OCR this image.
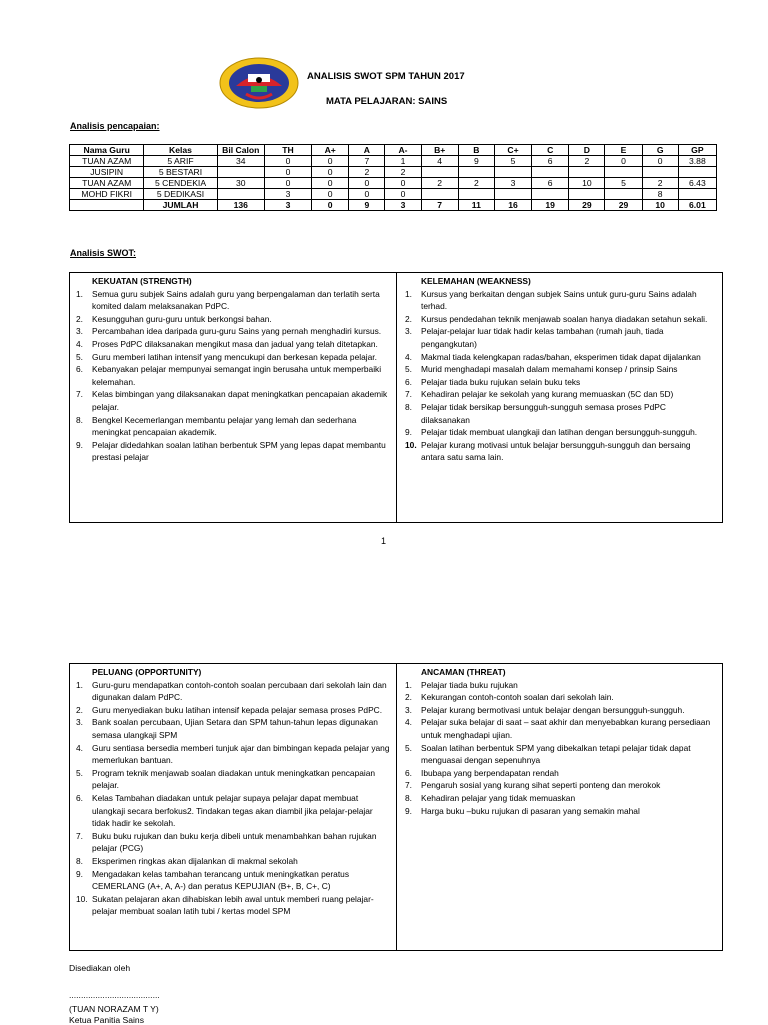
ANALISIS SWOT SPM TAHUN 2017
MATA PELAJARAN: SAINS
Analisis pencapaian:
Nama Guru	Kelas	Bil Calon	TH	A+	A	A-	B+	B	C+	C	D	E	G	GP
TUAN AZAM	5 ARIF	34	0	0	7	1	4	9	5	6	2	0	0	3.88
JUSIPIN	5 BESTARI		0	0	2	2								
TUAN AZAM	5 CENDEKIA	30	0	0	0	0	2	2	3	6	10	5	2	6.43
MOHD FIKRI	5 DEDIKASI		3	0	0	0							8	
	JUMLAH	136	3	0	9	3	7	11	16	19	29	29	10	6.01
Analisis SWOT:
KEKUATAN (STRENGTH)
1.	Semua guru subjek Sains adalah guru yang berpengalaman dan terlatih serta komited dalam melaksanakan PdPC.
2.	Kesungguhan guru-guru untuk berkongsi bahan.
3.	Percambahan idea daripada guru-guru Sains yang pernah menghadiri kursus.
4.	Proses PdPC dilaksanakan mengikut masa dan jadual yang telah ditetapkan.
5.	Guru memberi latihan intensif yang mencukupi dan berkesan kepada pelajar.
6.	Kebanyakan pelajar mempunyai semangat ingin berusaha untuk memperbaiki kelemahan.
7.	Kelas bimbingan yang dilaksanakan dapat meningkatkan pencapaian akademik pelajar.
8.	Bengkel Kecemerlangan membantu pelajar yang lemah dan sederhana meningkat pencapaian akademik.
9.	Pelajar didedahkan soalan latihan berbentuk SPM yang lepas dapat membantu prestasi pelajar
KELEMAHAN (WEAKNESS)
1.	Kursus yang berkaitan dengan subjek Sains untuk guru-guru Sains adalah terhad.
2.	Kursus pendedahan teknik menjawab soalan hanya diadakan setahun sekali.
3.	Pelajar-pelajar luar tidak hadir kelas tambahan (rumah jauh, tiada pengangkutan)
4.	Makmal tiada kelengkapan radas/bahan, eksperimen tidak dapat dijalankan
5.	Murid menghadapi masalah dalam memahami konsep / prinsip Sains
6.	Pelajar tiada buku rujukan selain buku teks
7.	Kehadiran pelajar ke sekolah yang kurang memuaskan (5C dan 5D)
8.	Pelajar tidak bersikap bersungguh-sungguh semasa proses PdPC dilaksanakan
9.	Pelajar tidak membuat ulangkaji dan latihan dengan bersungguh-sungguh.
10. Pelajar kurang motivasi untuk belajar bersungguh-sungguh dan bersaing antara satu sama lain.
1
PELUANG (OPPORTUNITY)
1.	Guru-guru mendapatkan contoh-contoh soalan percubaan dari sekolah lain dan digunakan dalam PdPC.
2.	Guru menyediakan buku latihan intensif kepada pelajar semasa proses PdPC.
3.	Bank soalan percubaan, Ujian Setara dan SPM tahun-tahun lepas digunakan semasa ulangkaji SPM
4.	Guru sentiasa bersedia memberi tunjuk ajar dan bimbingan kepada pelajar yang memerlukan bantuan.
5.	Program teknik menjawab soalan diadakan untuk meningkatkan pencapaian pelajar.
6.	Kelas Tambahan diadakan untuk pelajar supaya pelajar dapat membuat ulangkaji secara berfokus2. Tindakan tegas akan diambil jika pelajar-pelajar tidak hadir ke sekolah.
7.	Buku buku rujukan dan buku kerja dibeli untuk menambahkan bahan rujukan pelajar (PCG)
8.	Eksperimen ringkas akan dijalankan di makmal sekolah
9.	Mengadakan kelas tambahan terancang untuk meningkatkan peratus CEMERLANG (A+, A, A-) dan peratus KEPUJIAN (B+, B, C+, C)
10. Sukatan pelajaran akan dihabiskan lebih awal untuk memberi ruang pelajar-pelajar membuat soalan latih tubi / kertas model SPM
ANCAMAN (THREAT)
1.	Pelajar tiada buku rujukan
2.	Kekurangan contoh-contoh soalan dari sekolah lain.
3.	Pelajar kurang bermotivasi untuk belajar dengan bersungguh-sungguh.
4.	Pelajar suka belajar di saat – saat akhir dan menyebabkan kurang persediaan untuk menghadapi ujian.
5.	Soalan latihan berbentuk SPM yang dibekalkan tetapi pelajar tidak dapat menguasai dengan sepenuhnya
6.	Ibubapa yang berpendapatan rendah
7.	Pengaruh sosial yang kurang sihat seperti ponteng dan merokok
8.	Kehadiran pelajar yang tidak memuaskan
9.	Harga buku –buku rujukan di pasaran yang semakin mahal
Disediakan oleh
......................................
(TUAN NORAZAM T Y)
Ketua Panitia Sains
